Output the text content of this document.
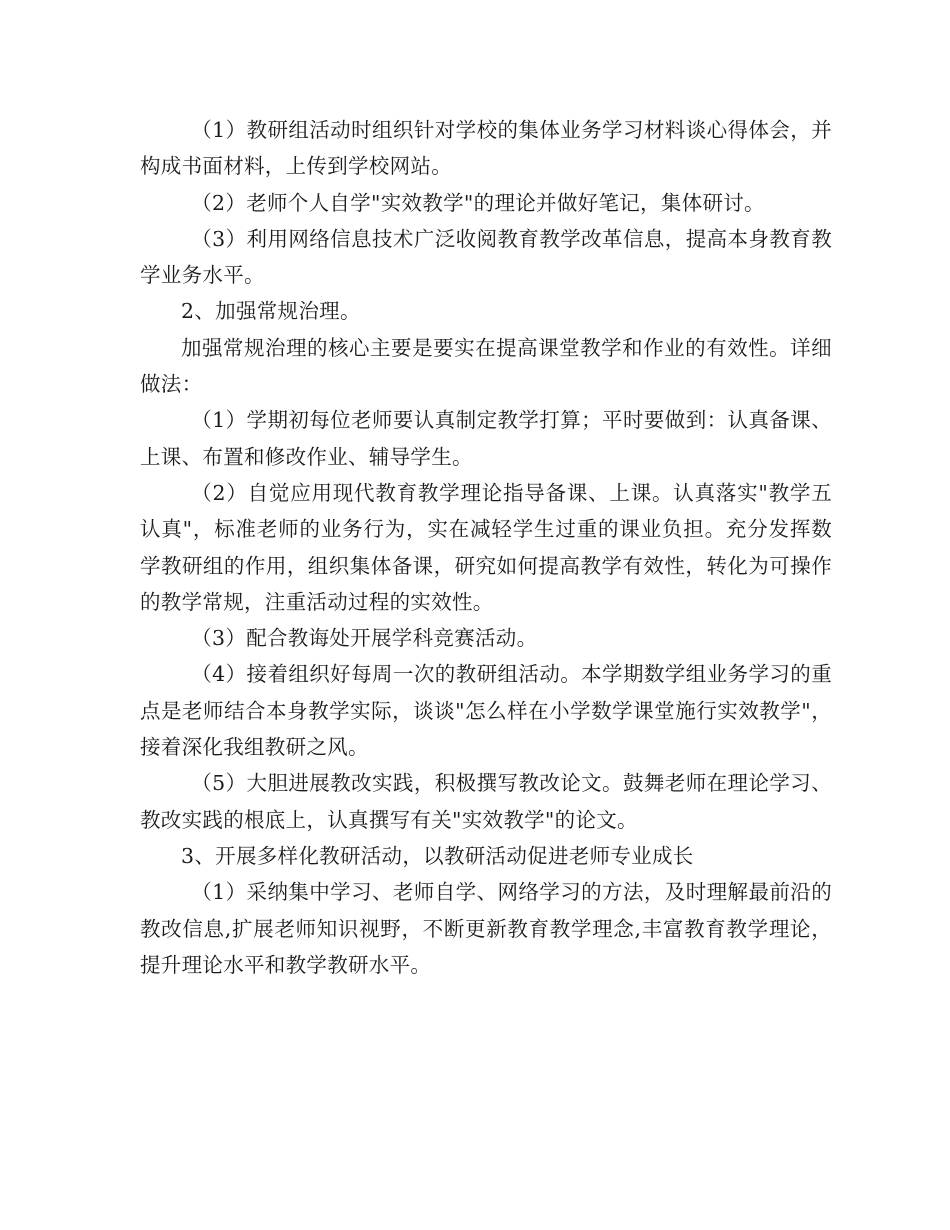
（1）教研组活动时组织针对学校的集体业务学习材料谈心得体会，并构成书面材料，上传到学校网站。

（2）老师个人自学"实效教学"的理论并做好笔记，集体研讨。

（3）利用网络信息技术广泛收阅教育教学改革信息，提高本身教育教学业务水平。

2、加强常规治理。

加强常规治理的核心主要是要实在提高课堂教学和作业的有效性。详细做法：

（1）学期初每位老师要认真制定教学打算；平时要做到：认真备课、上课、布置和修改作业、辅导学生。

（2）自觉应用现代教育教学理论指导备课、上课。认真落实"教学五认真"，标准老师的业务行为，实在减轻学生过重的课业负担。充分发挥数学教研组的作用，组织集体备课，研究如何提高教学有效性，转化为可操作的教学常规，注重活动过程的实效性。

（3）配合教诲处开展学科竞赛活动。

（4）接着组织好每周一次的教研组活动。本学期数学组业务学习的重点是老师结合本身教学实际，谈谈"怎么样在小学数学课堂施行实效教学"，接着深化我组教研之风。

（5）大胆进展教改实践，积极撰写教改论文。鼓舞老师在理论学习、教改实践的根底上，认真撰写有关"实效教学"的论文。

3、开展多样化教研活动，以教研活动促进老师专业成长

（1）采纳集中学习、老师自学、网络学习的方法，及时理解最前沿的教改信息,扩展老师知识视野，不断更新教育教学理念,丰富教育教学理论，提升理论水平和教学教研水平。
